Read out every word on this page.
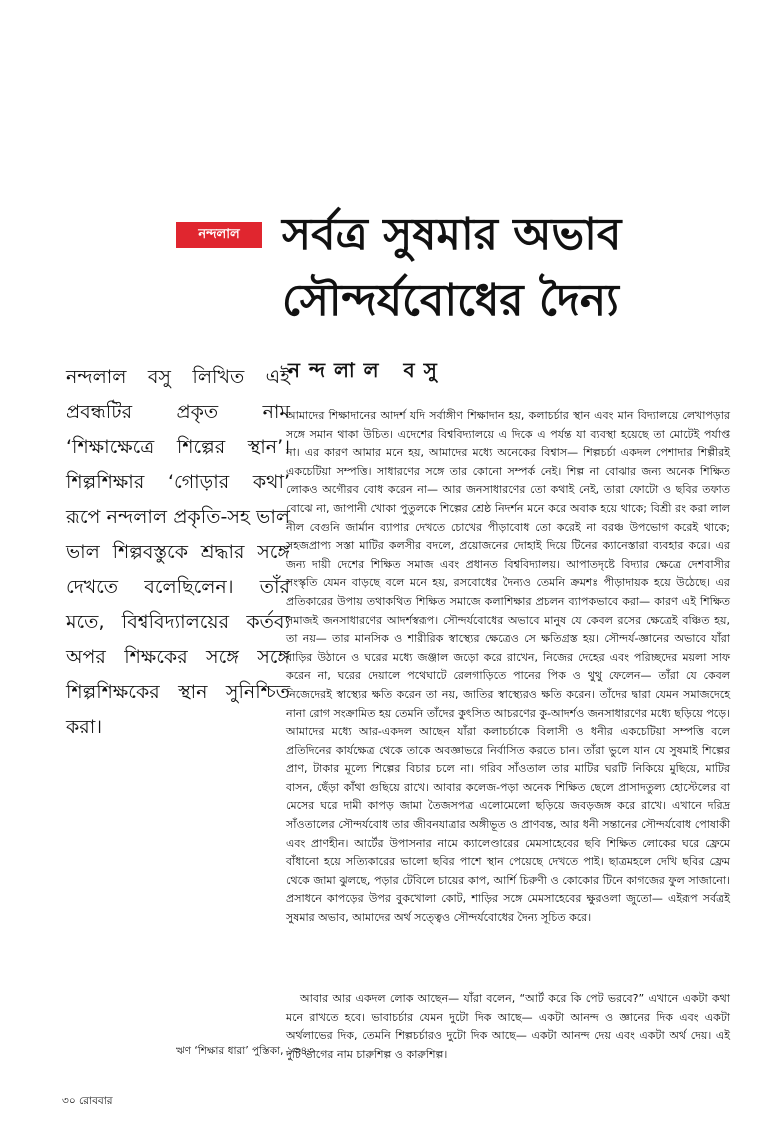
নন্দলাল সর্বত্র সুষমার অভাব
সৌন্দর্যবোধের দৈন্য
নন্দলাল বসু
নন্দলাল বসু লিখিত এই প্রবন্ধটির প্রকৃত নাম ‘শিক্ষাক্ষেত্রে শিল্পের স্থান’। শিল্পশিক্ষার ‘গোড়ার কথা’ রূপে নন্দলাল প্রকৃতি-সহ ভাল ভাল শিল্পবস্তুকে শ্রদ্ধার সঙ্গে দেখতে বলেছিলেন। তাঁর মতে, বিশ্ববিদ্যালয়ের কর্তব্য অপর শিক্ষকের সঙ্গে সঙ্গে শিল্পশিক্ষকের স্থান সুনিশ্চিত করা।

আমাদের শিক্ষাদানের আদর্শ যদি সর্বাঙ্গীণ শিক্ষাদান হয়, কলাচর্চার স্থান এবং মান বিদ্যালয়ে লেখাপড়ার সঙ্গে সমান থাকা উচিত। এদেশের বিশ্ববিদ্যালয়ে এ দিকে এ পর্যন্ত যা ব্যবস্থা হয়েছে তা মোটেই পর্যাপ্ত না। এর কারণ আমার মনে হয়, আমাদের মধ্যে অনেকের বিশ্বাস— শিল্পচর্চা একদল পেশাদার শিল্পীরই একচেটিয়া সম্পত্তি। সাধারণের সঙ্গে তার কোনো সম্পর্ক নেই। শিল্প না বোঝার জন্য অনেক শিক্ষিত লোকও অগৌরব বোধ করেন না— আর জনসাধারণের তো কথাই নেই, তারা ফোটো ও ছবির তফাত বোঝে না, জাপানী খোকা পুতুলকে শিল্পের শ্রেষ্ঠ নিদর্শন মনে করে অবাক হয়ে থাকে; বিশ্রী রং করা লাল নীল বেগুনি জার্মান ব্যাপার দেখতে চোখের পীড়াবোধ তো করেই না বরঞ্চ উপভোগ করেই থাকে; সহজপ্রাপ্য সস্তা মাটির কলসীর বদলে, প্রয়োজনের দোহাই দিয়ে টিনের ক্যানেস্তারা ব্যবহার করে। এর জন্য দায়ী দেশের শিক্ষিত সমাজ এবং প্রধানত বিশ্ববিদ্যালয়। আপাতদৃষ্টে বিদ্যার ক্ষেত্রে দেশবাসীর সংস্কৃতি যেমন বাড়ছে বলে মনে হয়, রসবোধের দৈন্যও তেমনি ক্রমশঃ পীড়াদায়ক হয়ে উঠেছে। এর প্রতিকারের উপায় তথাকথিত শিক্ষিত সমাজে কলাশিক্ষার প্রচলন ব্যাপকভাবে করা— কারণ এই শিক্ষিত সমাজই জনসাধারণের আদর্শস্বরূপ। সৌন্দর্যবোধের অভাবে মানুষ যে কেবল রসের ক্ষেত্রেই বঞ্চিত হয়, তা নয়— তার মানসিক ও শারীরিক স্বাস্থ্যের ক্ষেত্রেও সে ক্ষতিগ্রস্ত হয়। সৌন্দর্য-জ্ঞানের অভাবে যাঁরা বাড়ির উঠানে ও ঘরের মধ্যে জঞ্জাল জড়ো করে রাখেন, নিজের দেহের এবং পরিচ্ছদের ময়লা সাফ করেন না, ঘরের দেয়ালে পথেঘাটে রেলগাড়িতে পানের পিক ও থুথু ফেলেন— তাঁরা যে কেবল নিজেদেরই স্বাস্থ্যের ক্ষতি করেন তা নয়, জাতির স্বাস্থ্যেরও ক্ষতি করেন। তাঁদের দ্বারা যেমন সমাজদেহে নানা রোগ সংক্রামিত হয় তেমনি তাঁদের কুৎসিত আচরণের কু-আদর্শও জনসাধারণের মধ্যে ছড়িয়ে পড়ে। আমাদের মধ্যে আর-একদল আছেন যাঁরা কলাচর্চাকে বিলাসী ও ধনীর একচেটিয়া সম্পত্তি বলে প্রতিদিনের কার্যক্ষেত্র থেকে তাকে অবজ্ঞাভরে নির্বাসিত করতে চান। তাঁরা ভুলে যান যে সুষমাই শিল্পের প্রাণ, টাকার মূল্যে শিল্পের বিচার চলে না। গরিব সাঁওতাল তার মাটির ঘরটি নিকিয়ে মুছিয়ে, মাটির বাসন, ছেঁড়া কাঁথা গুছিয়ে রাখে। আবার কলেজ-পড়া অনেক শিক্ষিত ছেলে প্রাসাদতুল্য হোস্টেলের বা মেসের ঘরে দামী কাপড় জামা তৈজসপত্র এলোমেলো ছড়িয়ে জবড়জঙ্গ করে রাখে। এখানে দরিদ্র সাঁওতালের সৌন্দর্যবোধ তার জীবনযাত্রার অঙ্গীভূত ও প্রাণবন্ত, আর ধনী সন্তানের সৌন্দর্যবোধ পোষাকী এবং প্রাণহীন। আর্টের উপাসনার নামে ক্যালেণ্ডারের মেমসাহেবের ছবি শিক্ষিত লোকের ঘরে ফ্রেমে বাঁধানো হয়ে সত্যিকারের ভালো ছবির পাশে স্থান পেয়েছে দেখতে পাই। ছাত্রমহলে দেখি ছবির ফ্রেম থেকে জামা ঝুলছে, পড়ার টেবিলে চায়ের কাপ, আর্শি চিরুণী ও কোকোর টিনে কাগজের ফুল সাজানো। প্রসাধনে কাপড়ের উপর বুকখোলা কোট, শাড়ির সঙ্গে মেমসাহেবের ক্ষুরওলা জুতো— এইরূপ সর্বত্রই সুষমার অভাব, আমাদের অর্থ সত্ত্বেও সৌন্দর্যবোধের দৈন্য সূচিত করে।

আবার আর একদল লোক আছেন— যাঁরা বলেন, “আর্ট করে কি পেট ভরবে?” এখানে একটা কথা মনে রাখতে হবে। ভাবাচর্চার যেমন দুটো দিক আছে— একটা আনন্দ ও জ্ঞানের দিক এবং একটা অর্থলাভের দিক, তেমনি শিল্পচর্চারও দুটো দিক আছে— একটা আনন্দ দেয় এবং একটা অর্থ দেয়। এই দুটি ভাগের নাম চারুশিল্প ও কারুশিল্প।

ঋণ ‘শিক্ষার ধারা’ পুস্তিকা, ১৩৪৩
৩০ রোববার
